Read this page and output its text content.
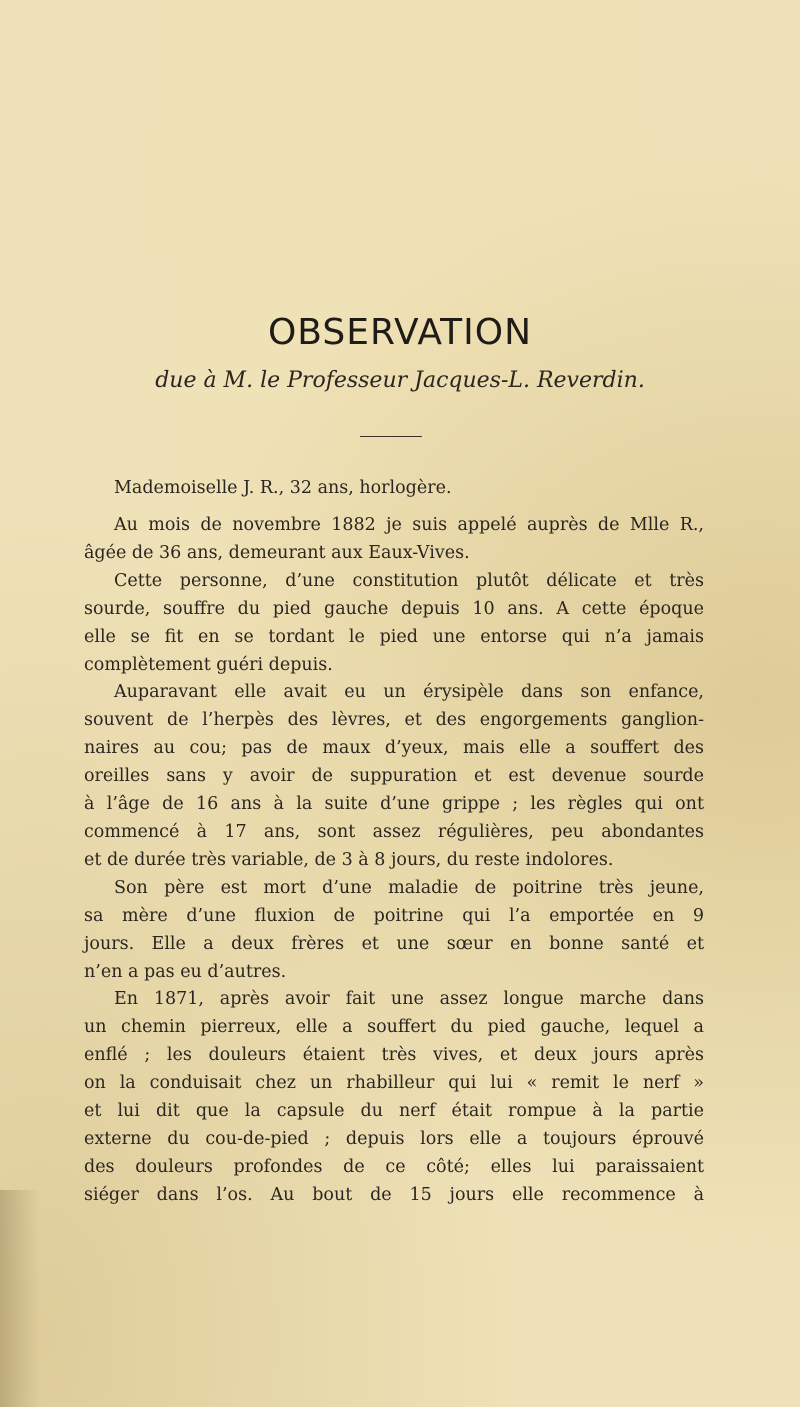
OBSERVATION
due à M. le Professeur Jacques-L. Reverdin.
Mademoiselle J. R., 32 ans, horlogère.
Au mois de novembre 1882 je suis appelé auprès de Mlle R.,
âgée de 36 ans, demeurant aux Eaux-Vives.
Cette personne, d’une constitution plutôt délicate et très
sourde, souffre du pied gauche depuis 10 ans. A cette époque
elle se fit en se tordant le pied une entorse qui n’a jamais
complètement guéri depuis.
Auparavant elle avait eu un érysipèle dans son enfance,
souvent de l’herpès des lèvres, et des engorgements ganglion-
naires au cou; pas de maux d’yeux, mais elle a souffert des
oreilles sans y avoir de suppuration et est devenue sourde
à l’âge de 16 ans à la suite d’une grippe ; les règles qui ont
commencé à 17 ans, sont assez régulières, peu abondantes
et de durée très variable, de 3 à 8 jours, du reste indolores.
Son père est mort d’une maladie de poitrine très jeune,
sa mère d’une fluxion de poitrine qui l’a emportée en 9
jours. Elle a deux frères et une sœur en bonne santé et
n’en a pas eu d’autres.
En 1871, après avoir fait une assez longue marche dans
un chemin pierreux, elle a souffert du pied gauche, lequel a
enflé ; les douleurs étaient très vives, et deux jours après
on la conduisait chez un rhabilleur qui lui « remit le nerf »
et lui dit que la capsule du nerf était rompue à la partie
externe du cou-de-pied ; depuis lors elle a toujours éprouvé
des douleurs profondes de ce côté; elles lui paraissaient
siéger dans l’os. Au bout de 15 jours elle recommence à
